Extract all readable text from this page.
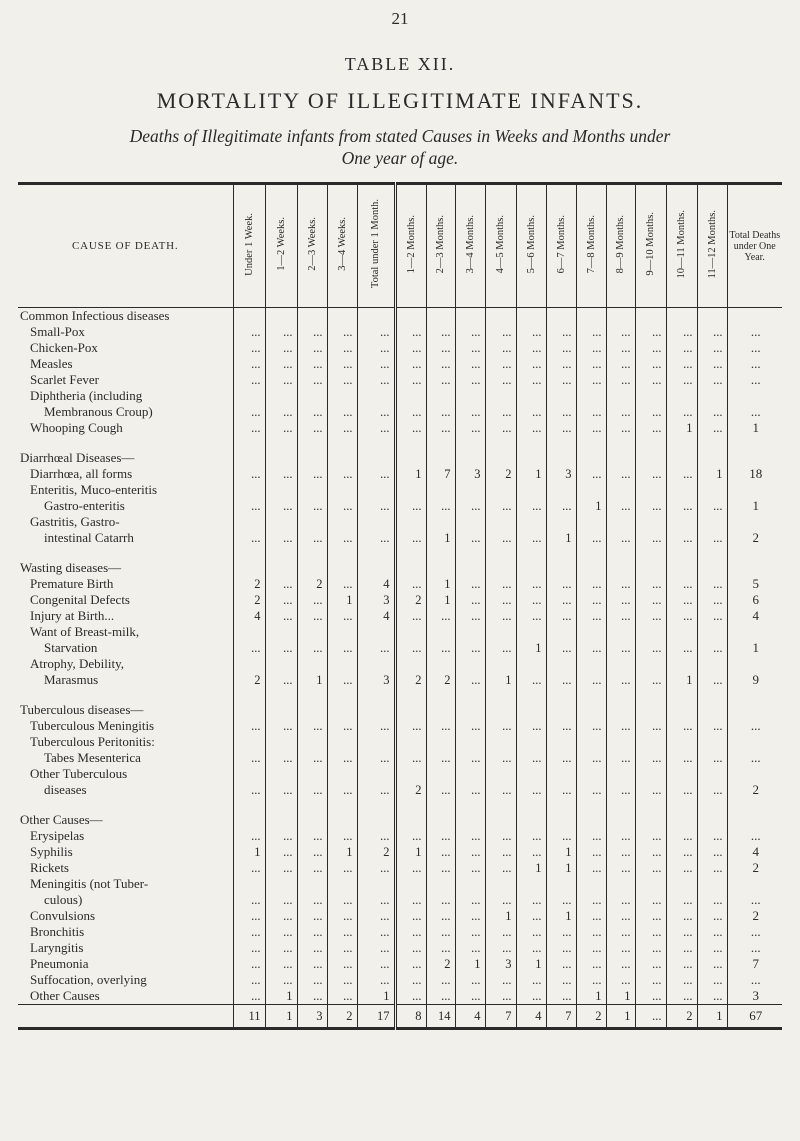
21
TABLE XII.
MORTALITY OF ILLEGITIMATE INFANTS.
Deaths of Illegitimate infants from stated Causes in Weeks and Months under
One year of age.
CAUSE OF DEATH.	Under 1 Week.	1—2 Weeks.	2—3 Weeks.	3—4 Weeks.	Total under 1 Month.	1—2 Months.	2—3 Months.	3—4 Months.	4—5 Months.	5—6 Months.	6—7 Months.	7—8 Months.	8—9 Months.	9—10 Months.	10—11 Months.	11—12 Months.	Total Deaths under One Year.
Common Infectious diseases																	
Small-Pox	...	...	...	...	...	...	...	...	...	...	...	...	...	...	...	...	...
Chicken-Pox	...	...	...	...	...	...	...	...	...	...	...	...	...	...	...	...	...
Measles	...	...	...	...	...	...	...	...	...	...	...	...	...	...	...	...	...
Scarlet Fever	...	...	...	...	...	...	...	...	...	...	...	...	...	...	...	...	...
Diphtheria (including																	
Membranous Croup)	...	...	...	...	...	...	...	...	...	...	...	...	...	...	...	...	...
Whooping Cough	...	...	...	...	...	...	...	...	...	...	...	...	...	...	1	...	1

Diarrhœal Diseases—																	
Diarrhœa, all forms	...	...	...	...	...	1	7	3	2	1	3	...	...	...	...	1	18
Enteritis, Muco-enteritis																	
Gastro-enteritis	...	...	...	...	...	...	...	...	...	...	...	1	...	...	...	...	1
Gastritis, Gastro-																	
intestinal Catarrh	...	...	...	...	...	...	1	...	...	...	1	...	...	...	...	...	2

Wasting diseases—																	
Premature Birth	2	...	2	...	4	...	1	...	...	...	...	...	...	...	...	...	5
Congenital Defects	2	...	...	1	3	2	1	...	...	...	...	...	...	...	...	...	6
Injury at Birth...	4	...	...	...	4	...	...	...	...	...	...	...	...	...	...	...	4
Want of Breast-milk,																	
Starvation	...	...	...	...	...	...	...	...	...	1	...	...	...	...	...	...	1
Atrophy, Debility,																	
Marasmus	2	...	1	...	3	2	2	...	1	...	...	...	...	...	1	...	9

Tuberculous diseases—																	
Tuberculous Meningitis	...	...	...	...	...	...	...	...	...	...	...	...	...	...	...	...	...
Tuberculous Peritonitis:																	
Tabes Mesenterica	...	...	...	...	...	...	...	...	...	...	...	...	...	...	...	...	...
Other Tuberculous																	
diseases	...	...	...	...	...	2	...	...	...	...	...	...	...	...	...	...	2

Other Causes—																	
Erysipelas	...	...	...	...	...	...	...	...	...	...	...	...	...	...	...	...	...
Syphilis	1	...	...	1	2	1	...	...	...	...	1	...	...	...	...	...	4
Rickets	...	...	...	...	...	...	...	...	...	1	1	...	...	...	...	...	2
Meningitis (not Tuber-																	
culous)	...	...	...	...	...	...	...	...	...	...	...	...	...	...	...	...	...
Convulsions	...	...	...	...	...	...	...	...	1	...	1	...	...	...	...	...	2
Bronchitis	...	...	...	...	...	...	...	...	...	...	...	...	...	...	...	...	...
Laryngitis	...	...	...	...	...	...	...	...	...	...	...	...	...	...	...	...	...
Pneumonia	...	...	...	...	...	...	2	1	3	1	...	...	...	...	...	...	7
Suffocation, overlying	...	...	...	...	...	...	...	...	...	...	...	...	...	...	...	...	...
Other Causes	...	1	...	...	1	...	...	...	...	...	...	1	1	...	...	...	3
	11	1	3	2	17	8	14	4	7	4	7	2	1	...	2	1	67
